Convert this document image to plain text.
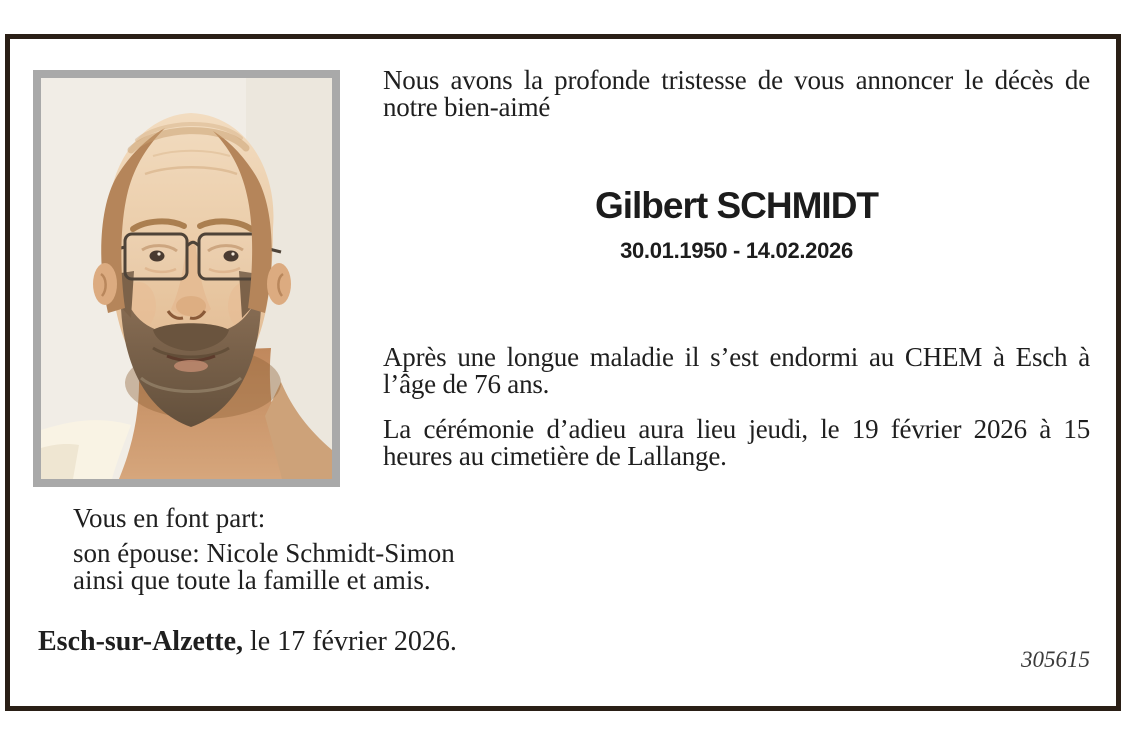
Nous avons la profonde tristesse de vous annoncer le décès de notre bien-aimé

Gilbert SCHMIDT
30.01.1950 - 14.02.2026

Après une longue maladie il s’est endormi au CHEM à Esch à l’âge de 76 ans.

La cérémonie d’adieu aura lieu jeudi, le 19 février 2026 à 15 heures au cimetière de Lallange.

Vous en font part:

son épouse: Nicole Schmidt-Simon

ainsi que toute la famille et amis.

Esch-sur-Alzette, le 17 février 2026.

305615
